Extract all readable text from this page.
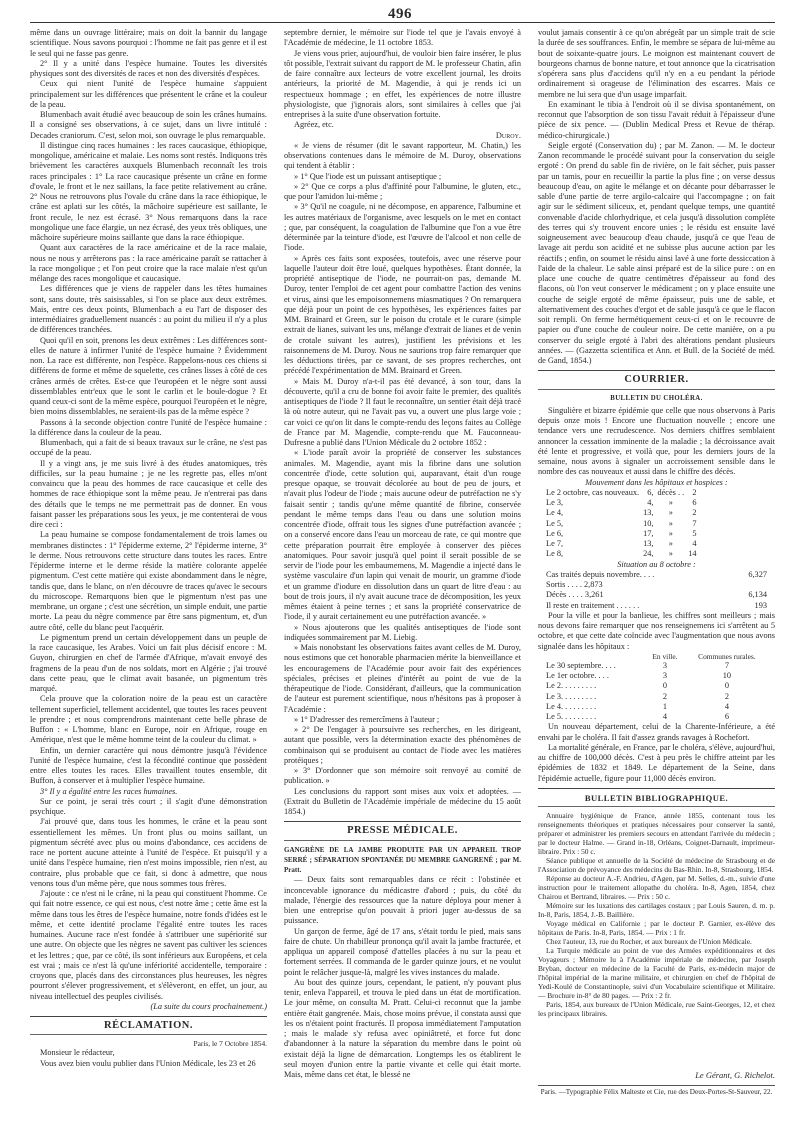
496

même dans un ouvrage littéraire; mais on doit la bannir du langage scientifique. Nous savons pourquoi : l'homme ne fait pas genre et il est le seul qui ne fasse pas genre.

2° Il y a unité dans l'espèce humaine. Toutes les diversités physiques sont des diversités de races et non des diversités d'espèces.

Ceux qui nient l'unité de l'espèce humaine s'appuient principalement sur les différences que présentent le crâne et la couleur de la peau.

Blumenbach avait étudié avec beaucoup de soin les crânes humains. Il a consigné ses observations, à ce sujet, dans un livre intitulé : Decades craniorum. C'est, selon moi, son ouvrage le plus remarquable.

Il distingue cinq races humaines : les races caucasique, éthiopique, mongolique, américaine et malaie. Les noms sont restés. Indiquons très brièvement les caractères auxquels Blumenbach reconnaît les trois races principales : 1° La race caucasique présente un crâne en forme d'ovale, le front et le nez saillans, la face petite relativement au crâne. 2° Nous ne retrouvons plus l'ovale du crâne dans la race éthiopique, le crâne est aplati sur les côtés, la mâchoire supérieure est saillante, le front recule, le nez est écrasé. 3° Nous remarquons dans la race mongolique une face élargie, un nez écrasé, des yeux très obliques, une mâchoire supérieure moins saillante que dans la race éthiopique.

Quant aux caractères de la race américaine et de la race malaie, nous ne nous y arrêterons pas : la race américaine paraît se rattacher à la race mongolique ; et l'on peut croire que la race malaie n'est qu'un mélange des races mongolique et caucasique.

Les différences que je viens de rappeler dans les têtes humaines sont, sans doute, très saisissables, si l'on se place aux deux extrêmes. Mais, entre ces deux points, Blumenbach a eu l'art de disposer des intermédiaires graduellement nuancés : au point du milieu il n'y a plus de différences tranchées.

Quoi qu'il en soit, prenons les deux extrêmes : Les différences sont-elles de nature à infirmer l'unité de l'espèce humaine ? Évidemment non. La race est différente, non l'espèce. Rappelons-nous ces chiens si différens de forme et même de squelette, ces crânes lisses à côté de ces crânes armés de crêtes. Est-ce que l'européen et le nègre sont aussi dissemblables entr'eux que le sont le carlin et le boule-dogue ? Et quand ceux-ci sont de la même espèce, pourquoi l'européen et le nègre, bien moins dissemblables, ne seraient-ils pas de la même espèce ?

Passons à la seconde objection contre l'unité de l'espèce humaine : la différence dans la couleur de la peau.

Blumenbach, qui a fait de si beaux travaux sur le crâne, ne s'est pas occupé de la peau.

Il y a vingt ans, je me suis livré à des études anatomiques, très difficiles, sur la peau humaine ; je ne les regrette pas, elles m'ont convaincu que la peau des hommes de race caucasique et celle des hommes de race éthiopique sont la même peau. Je n'entrerai pas dans des détails que le temps ne me permettrait pas de donner. En vous faisant passer les préparations sous les yeux, je me contenterai de vous dire ceci :

La peau humaine se compose fondamentalement de trois lames ou membranes distinctes : 1° l'épiderme externe, 2° l'épiderme interne, 3° le derme. Nous retrouvons cette structure dans toutes les races. Entre l'épiderme interne et le derme réside la matière colorante appelée pigmentum. C'est cette matière qui existe abondamment dans le nègre, tandis que, dans le blanc, on n'en découvre de traces qu'avec le secours du microscope. Remarquons bien que le pigmentum n'est pas une membrane, un organe ; c'est une sécrétion, un simple enduit, une partie morte. La peau du nègre commence par être sans pigmentum, et, d'un autre côté, celle du blanc peut l'acquérir.

Le pigmentum prend un certain développement dans un peuple de la race caucasique, les Arabes. Voici un fait plus décisif encore : M. Guyon, chirurgien en chef de l'armée d'Afrique, m'avait envoyé des fragmens de la peau d'un de nos soldats, mort en Algérie ; j'ai trouvé dans cette peau, que le climat avait basanée, un pigmentum très marqué.

Cela prouve que la coloration noire de la peau est un caractère tellement superficiel, tellement accidentel, que toutes les races peuvent le prendre ; et nous comprendrons maintenant cette belle phrase de Buffon : « L'homme, blanc en Europe, noir en Afrique, rouge en Amérique, n'est que le même homme teint de la couleur du climat. »

Enfin, un dernier caractère qui nous démontre jusqu'à l'évidence l'unité de l'espèce humaine, c'est la fécondité continue que possèdent entre elles toutes les races. Elles travaillent toutes ensemble, dit Buffon, à conserver et à multiplier l'espèce humaine.

3° Il y a égalité entre les races humaines.

Sur ce point, je serai très court ; il s'agit d'une démonstration psychique.

J'ai prouvé que, dans tous les hommes, le crâne et la peau sont essentiellement les mêmes. Un front plus ou moins saillant, un pigmentum sécrété avec plus ou moins d'abondance, ces accidens de race ne portent aucune atteinte à l'unité de l'espèce. Et puisqu'il y a unité dans l'espèce humaine, rien n'est moins impossible, rien n'est, au contraire, plus probable que ce fait, si donc à admettre, que nous venons tous d'un même père, que nous sommes tous frères.

J'ajoute : ce n'est ni le crâne, ni la peau qui constituent l'homme. Ce qui fait notre essence, ce qui est nous, c'est notre âme ; cette âme est la même dans tous les êtres de l'espèce humaine, notre fonds d'idées est le même, et cette identité proclame l'égalité entre toutes les races humaines. Aucune race n'est fondée à s'attribuer une supériorité sur une autre. On objecte que les nègres ne savent pas cultiver les sciences et les lettres ; que, par ce côté, ils sont inférieurs aux Européens, et cela est vrai ; mais ce n'est là qu'une infériorité accidentelle, temporaire : croyons que, placés dans des circonstances plus heureuses, les nègres pourront s'élever progressivement, et s'élèveront, en effet, un jour, au niveau intellectuel des peuples civilisés.

(La suite du cours prochainement.)
RÉCLAMATION.
Paris, le 7 Octobre 1854.

Monsieur le rédacteur,

Vous avez bien voulu publier dans l'Union Médicale, les 23 et 26

septembre dernier, le mémoire sur l'iode tel que je l'avais envoyé à l'Académie de médecine, le 11 octobre 1853.

Je viens vous prier, aujourd'hui, de vouloir bien faire insérer, le plus tôt possible, l'extrait suivant du rapport de M. le professeur Chatin, afin de faire connaître aux lecteurs de votre excellent journal, les droits antérieurs, la priorité de M. Magendie, à qui je rends ici un respectueux hommage ; en effet, les expériences de notre illustre physiologiste, que j'ignorais alors, sont similaires à celles que j'ai entreprises à la suite d'une observation fortuite.

Agréez, etc.

Duroy.

« Je viens de résumer (dit le savant rapporteur, M. Chatin,) les observations contenues dans le mémoire de M. Duroy, observations qui tendent à établir :

» 1° Que l'iode est un puissant antiseptique ;

» 2° Que ce corps a plus d'affinité pour l'albumine, le gluten, etc., que pour l'amidon lui-même ;

» 3° Qu'il ne coagule, ni ne décompose, en apparence, l'albumine et les autres matériaux de l'organisme, avec lesquels on le met en contact ; que, par conséquent, la coagulation de l'albumine que l'on a vue être déterminée par la teinture d'iode, est l'œuvre de l'alcool et non celle de l'iode.

» Après ces faits sont exposées, toutefois, avec une réserve pour laquelle l'auteur doit être loué, quelques hypothèses. Étant donnée, la propriété antiseptique de l'iode, ne pourrait-on pas, demande M. Duroy, tenter l'emploi de cet agent pour combattre l'action des venins et virus, ainsi que les empoisonnemens miasmatiques ? On remarquera que déjà pour un point de ces hypothèses, les expériences faites par MM. Brainard et Green, sur le poison du crotale et le curare (simple extrait de lianes, suivant les uns, mélange d'extrait de lianes et de venin de crotale suivant les autres), justifient les prévisions et les raisonnemens de M. Duroy. Nous ne saurions trop faire remarquer que les déductions tirées, par ce savant, de ses propres recherches, ont précédé l'expérimentation de MM. Brainard et Green.

» Mais M. Duroy n'a-t-il pas été devancé, à son tour, dans la découverte, qu'il a cru de bonne foi avoir faite le premier, des qualités antiseptiques de l'iode ? Il faut le reconnaître, un sentier était déjà tracé là où notre auteur, qui ne l'avait pas vu, a ouvert une plus large voie ; car voici ce qu'on lit dans le compte-rendu des leçons faites au Collège de France par M. Magendie, compte-rendu que M. Fauconneau-Dufresne a publié dans l'Union Médicale du 2 octobre 1852 :

« L'iode paraît avoir la propriété de conserver les substances animales. M. Magendie, ayant mis la fibrine dans une solution concentrée d'iode, cette solution qui, auparavant, était d'un rouge presque opaque, se trouvait décolorée au bout de peu de jours, et n'avait plus l'odeur de l'iode ; mais aucune odeur de putréfaction ne s'y faisait sentir ; tandis qu'une même quantité de fibrine, conservée pendant le même temps dans l'eau ou dans une solution moins concentrée d'iode, offrait tous les signes d'une putréfaction avancée ; on a conservé encore dans l'eau un morceau de rate, ce qui montre que cette préparation pourrait être employée à conserver des pièces anatomiques. Pour savoir jusqu'à quel point il serait possible de se servir de l'iode pour les embaumemens, M. Magendie a injecté dans le système vasculaire d'un lapin qui venait de mourir, un gramme d'iode et un gramme d'iodure en dissolution dans un quart de litre d'eau : au bout de trois jours, il n'y avait aucune trace de décomposition, les yeux mêmes étaient à peine ternes ; et sans la propriété conservatrice de l'iode, il y aurait certainement eu une putréfaction avancée. »

» Nous ajouterons que les qualités antiseptiques de l'iode sont indiquées sommairement par M. Liebig.

» Mais nonobstant les observations faites avant celles de M. Duroy, nous estimons que cet honorable pharmacien mérite la bienveillance et les encouragemens de l'Académie pour avoir fait des expériences spéciales, précises et pleines d'intérêt au point de vue de la thérapeutique de l'iode. Considérant, d'ailleurs, que la communication de l'auteur est purement scientifique, nous n'hésitons pas à proposer à l'Académie :

» 1° D'adresser des remercîmens à l'auteur ;

» 2° De l'engager à poursuivre ses recherches, en les dirigeant, autant que possible, vers la détermination exacte des phénomènes de combinaison qui se produisent au contact de l'iode avec les matières protéiques ;

» 3° D'ordonner que son mémoire soit renvoyé au comité de publication. »

Les conclusions du rapport sont mises aux voix et adoptées. — (Extrait du Bulletin de l'Académie impériale de médecine du 15 août 1854.)

PRESSE MÉDICALE.

GANGRÈNE DE LA JAMBE PRODUITE PAR UN APPAREIL TROP SERRÉ ; SÉPARATION SPONTANÉE DU MEMBRE GANGRENÉ ; par M. Pratt.

— Deux faits sont remarquables dans ce récit : l'obstinée et inconcevable ignorance du médicastre d'abord ; puis, du côté du malade, l'énergie des ressources que la nature déploya pour mener à bien une entreprise qu'on pouvait à priori juger au-dessus de sa puissance.

Un garçon de ferme, âgé de 17 ans, s'était tordu le pied, mais sans faire de chute. Un rhabilleur prononça qu'il avait la jambe fracturée, et appliqua un appareil composé d'attelles placées à nu sur la peau et fortement serrées. Il commanda de le garder quinze jours, et ne voulut point le relâcher jusque-là, malgré les vives instances du malade.

Au bout des quinze jours, cependant, le patient, n'y pouvant plus tenir, enleva l'appareil, et trouva le pied dans un état de mortification. Le jour même, on consulta M. Pratt. Celui-ci reconnut que la jambe entière était gangrenée. Mais, chose moins prévue, il constata aussi que les os n'étaient point fracturés. Il proposa immédiatement l'amputation ; mais le malade s'y refusa avec opiniâtreté, et force fut donc d'abandonner à la nature la séparation du membre dans le point où existait déjà la ligne de démarcation. Longtemps les os établirent le seul moyen d'union entre la partie vivante et celle qui était morte. Mais, même dans cet état, le blessé ne

voulut jamais consentir à ce qu'on abrégeât par un simple trait de scie la durée de ses souffrances. Enfin, le membre se sépara de lui-même au bout de soixante-quatre jours. Le moignon est maintenant couvert de bourgeons charnus de bonne nature, et tout annonce que la cicatrisation s'opérera sans plus d'accidens qu'il n'y en a eu pendant la période ordinairement si orageuse de l'élimination des escarres. Mais ce membre ne lui sera que d'un usage imparfait.

En examinant le tibia à l'endroit où il se divisa spontanément, on reconnut que l'absorption de son tissu l'avait réduit à l'épaisseur d'une pièce de six pence. — (Dublin Medical Press et Revue de thérap. médico-chirurgicale.)

Seigle ergoté (Conservation du) ; par M. Zanon. — M. le docteur Zanon recommande le procédé suivant pour la conservation du seigle ergoté : On prend du sable fin de rivière, on le fait sécher, puis passer par un tamis, pour en recueillir la partie la plus fine ; on verse dessus beaucoup d'eau, on agite le mélange et on décante pour débarrasser le sable d'une partie de terre argilo-calcaire qui l'accompagne ; on fait agir sur le sédiment siliceux, et, pendant quelque temps, une quantité convenable d'acide chlorhydrique, et cela jusqu'à dissolution complète des terres qui s'y trouvent encore unies ; le résidu est ensuite lavé soigneusement avec beaucoup d'eau chaude, jusqu'à ce que l'eau de lavage ait perdu son acidité et ne subisse plus aucune action par les réactifs ; enfin, on soumet le résidu ainsi lavé à une forte dessiccation à l'aide de la chaleur. Le sable ainsi préparé est de la silice pure : on en place une couche de quatre centimètres d'épaisseur au fond des flacons, où l'on veut conserver le médicament ; on y place ensuite une couche de seigle ergoté de même épaisseur, puis une de sable, et alternativement des couches d'ergot et de sable jusqu'à ce que le flacon soit rempli. On ferme hermétiquement ceux-ci et on le recouvre de papier ou d'une couche de couleur noire. De cette manière, on a pu conserver du seigle ergoté à l'abri des altérations pendant plusieurs années. — (Gazzetta scientifica et Ann. et Bull. de la Société de méd. de Gand, 1854.)

COURRIER.
BULLETIN DU CHOLÉRA.

Singulière et bizarre épidémie que celle que nous observons à Paris depuis onze mois ! Encore une fluctuation nouvelle ; encore une tendance vers une recrudescence. Nos derniers chiffres semblaient annoncer la cessation imminente de la maladie ; la décroissance avait été lente et progressive, et voilà que, pour les derniers jours de la semaine, nous avons à signaler un accroissement sensible dans le nombre des cas nouveaux et aussi dans le chiffre des décès.

Mouvement dans les hôpitaux et hospices :
Le 2 octobre, cas nouveaux.	6,	décès . .	2
Le 3,	4,	»	6
Le 4,	13,	»	2
Le 5,	10,	»	7
Le 6,	17,	»	5
Le 7,	13,	»	4
Le 8,	24,	»	14
Situation au 8 octobre :
Cas traités depuis novembre. . . .	6,327
Sortis . . . . 2,873	
Décès . . . . 3,261	6,134
Il reste en traitement . . . . . .	193

Pour la ville et pour la banlieue, les chiffres sont meilleurs ; mais nous devons faire remarquer que nos renseignemens ici s'arrêtent au 5 octobre, et que cette date coïncide avec l'augmentation que nous avons signalée dans les hôpitaux :

	En ville.	Communes rurales.
Le 30 septembre. . . .	3	7
Le 1er octobre. . . .	3	10
Le 2. . . . . . . . .	0	0
Le 3. . . . . . . . .	2	2
Le 4. . . . . . . . .	1	4
Le 5. . . . . . . . .	4	6

Un nouveau département, celui de la Charente-Inférieure, a été envahi par le choléra. Il fait d'assez grands ravages à Rochefort.

La mortalité générale, en France, par le choléra, s'élève, aujourd'hui, au chiffre de 100,000 décès. C'est à peu près le chiffre atteint par les épidémies de 1832 et 1849. Le département de la Seine, dans l'épidémie actuelle, figure pour 11,000 décès environ.

BULLETIN BIBLIOGRAPHIQUE.

Annuaire hygiénique de France, année 1855, contenant tous les renseignements théoriques et pratiques nécessaires pour conserver la santé, préparer et administrer les premiers secours en attendant l'arrivée du médecin ; par le docteur Halme. — Grand in-18, Orléans, Coignet-Darnault, imprimeur-libraire. Prix : 50 c.

Séance publique et annuelle de la Société de médecine de Strasbourg et de l'Association de prévoyance des médecins du Bas-Rhin. In-8, Strasbourg, 1854.

Réponse au docteur A.-F. Andrieu, d'Agen, par M. Selles, d.-m., suivie d'une instruction pour le traitement allopathe du choléra. In-8, Agen, 1854, chez Chairou et Bertrand, libraires. — Prix : 50 c.

Mémoire sur les luxations des cartilages costaux ; par Louis Sauren, d. m. p. In-8, Paris, 1854, J.-B. Baillière.

Voyage médical en Californie ; par le docteur P. Garnier, ex-élève des hôpitaux de Paris. In-8, Paris, 1854. — Prix : 1 fr.

Chez l'auteur, 13, rue du Rocher, et aux bureaux de l'Union Médicale.

La Turquie médicale au point de vue des Armées expéditionnaires et des Voyageurs ; Mémoire lu à l'Académie impériale de médecine, par Joseph Bryban, docteur en médecine de la Faculté de Paris, ex-médecin major de l'hôpital impérial de la marine militaire, et chirurgien en chef de l'hôpital de Yedi-Koulé de Constantinople, suivi d'un Vocabulaire scientifique et Militaire. — Brochure in-8° de 80 pages. — Prix : 2 fr.

Paris, 1854, aux bureaux de l'Union Médicale, rue Saint-Georges, 12, et chez les principaux libraires.

Le Gérant, G. Richelot.
Paris. —Typographie Félix Malteste et Cie, rue des Deux-Portes-St-Sauveur, 22.
